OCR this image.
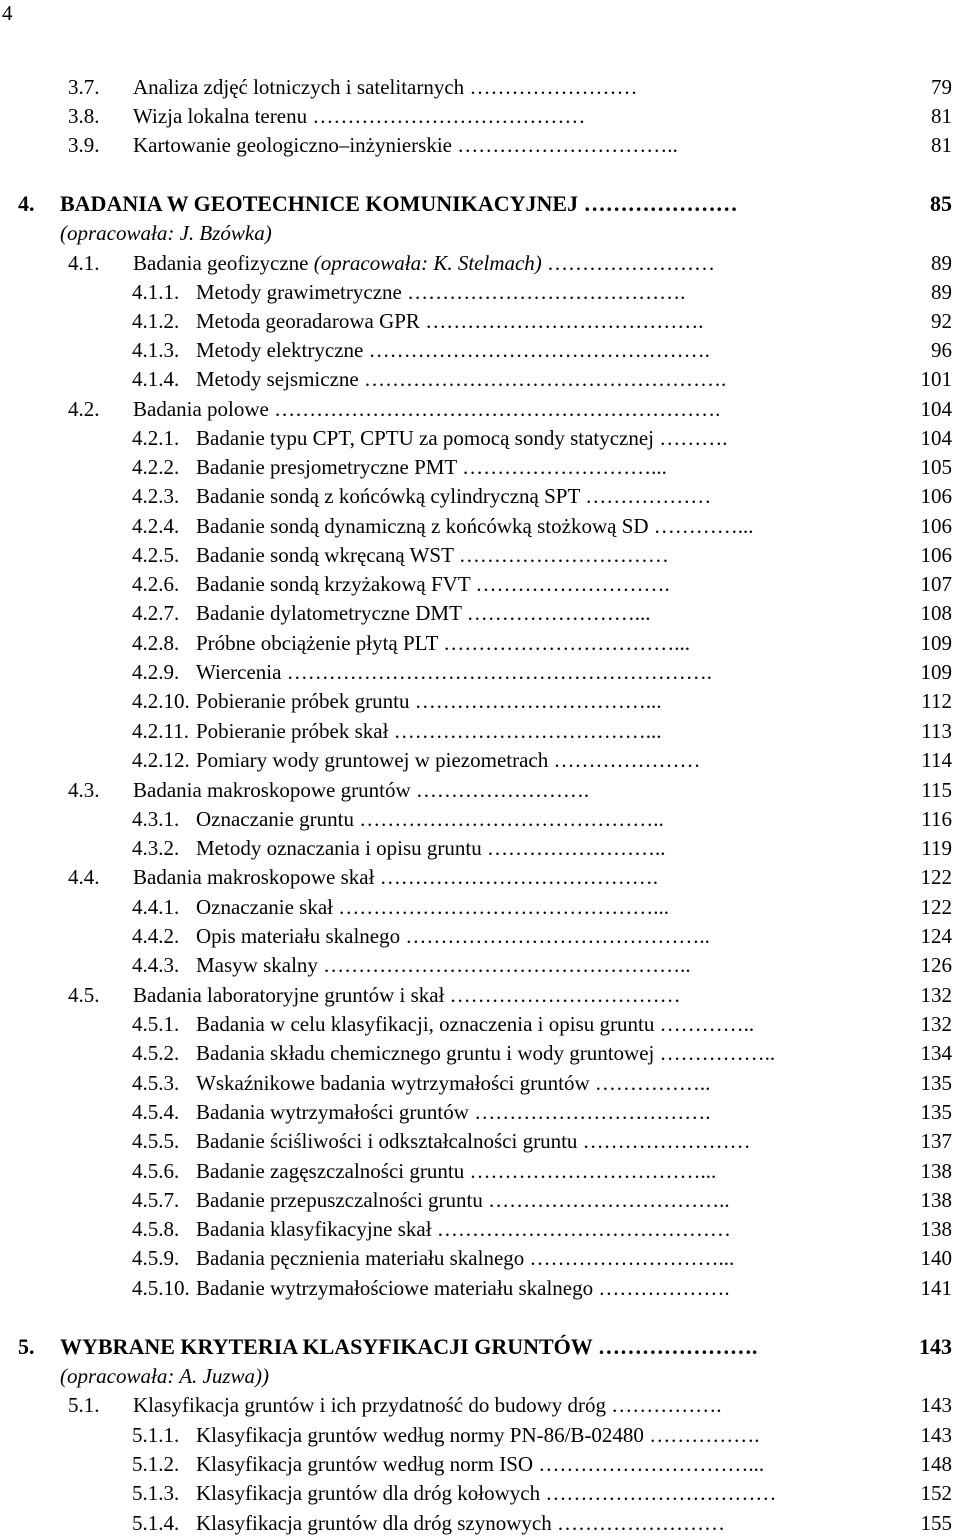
4
3.7. Analiza zdjęć lotniczych i satelitarnych ……………………	79
3.8. Wizja lokalna terenu …………………………………	81
3.9. Kartowanie geologiczno–inżynierskie …………………………..	81
4. BADANIA W GEOTECHNICE KOMUNIKACYJNEJ …………………	85
(opracowała: J. Bzówka)
4.1. Badania geofizyczne (opracowała: K. Stelmach) ……………………	89
4.1.1. Metody grawimetryczne ………………………………….	89
4.1.2. Metoda georadarowa GPR ………………………………….	92
4.1.3. Metody elektryczne ………………………………………….	96
4.1.4. Metody sejsmiczne …………………………………………….	101
4.2. Badania polowe ……………………………………………………….	104
4.2.1. Badanie typu CPT, CPTU za pomocą sondy statycznej ……….	104
4.2.2. Badanie presjometryczne PMT ………………………...	105
4.2.3. Badanie sondą z końcówką cylindryczną SPT ………………	106
4.2.4. Badanie sondą dynamiczną z końcówką stożkową SD …………...	106
4.2.5. Badanie sondą wkręcaną WST …………………………	106
4.2.6. Badanie sondą krzyżakową FVT ……………………….	107
4.2.7. Badanie dylatometryczne DMT ……………………...	108
4.2.8. Próbne obciążenie płytą PLT ……………………………...	109
4.2.9. Wiercenia …………………………………………………….	109
4.2.10. Pobieranie próbek gruntu ……………………………...	112
4.2.11. Pobieranie próbek skał ………………………………...	113
4.2.12. Pomiary wody gruntowej w piezometrach …………………	114
4.3. Badania makroskopowe gruntów …………………….	115
4.3.1. Oznaczanie gruntu ……………………………………..	116
4.3.2. Metody oznaczania i opisu gruntu ……………………..	119
4.4. Badania makroskopowe skał ………………………………….	122
4.4.1. Oznaczanie skał ………………………………………...	122
4.4.2. Opis materiału skalnego ……………………………………..	124
4.4.3. Masyw skalny ……………………………………………..	126
4.5. Badania laboratoryjne gruntów i skał ……………………………	132
4.5.1. Badania w celu klasyfikacji, oznaczenia i opisu gruntu …………..	132
4.5.2. Badania składu chemicznego gruntu i wody gruntowej ……………..	134
4.5.3. Wskaźnikowe badania wytrzymałości gruntów ……………..	135
4.5.4. Badania wytrzymałości gruntów …………………………….	135
4.5.5. Badanie ściśliwości i odkształcalności gruntu ……………………	137
4.5.6. Badanie zagęszczalności gruntu ……………………………...	138
4.5.7. Badanie przepuszczalności gruntu ……………………………..	138
4.5.8. Badania klasyfikacyjne skał ……………………………………	138
4.5.9. Badania pęcznienia materiału skalnego ………………………...	140
4.5.10. Badanie wytrzymałościowe materiału skalnego ……………….	141
5. WYBRANE KRYTERIA KLASYFIKACJI GRUNTÓW ………………….	143
(opracowała: A. Juzwa))
5.1. Klasyfikacja gruntów i ich przydatność do budowy dróg …………….	143
5.1.1. Klasyfikacja gruntów według normy PN-86/B-02480 …………….	143
5.1.2. Klasyfikacja gruntów według norm ISO …………………………...	148
5.1.3. Klasyfikacja gruntów dla dróg kołowych ……………………………	152
5.1.4. Klasyfikacja gruntów dla dróg szynowych ……………………	155
